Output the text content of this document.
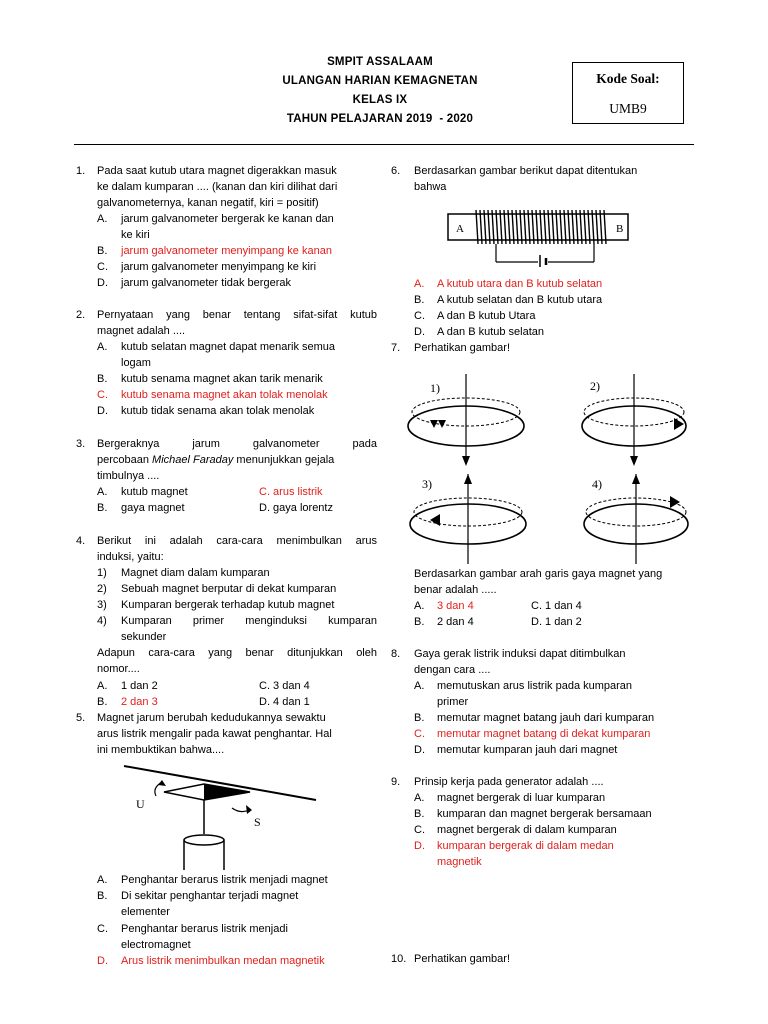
SMPIT ASSALAAM
ULANGAN HARIAN KEMAGNETAN
KELAS IX
TAHUN PELAJARAN 2019  - 2020
Kode Soal:
UMB9
1. Pada saat kutub utara magnet digerakkan masuk
ke dalam kumparan .... (kanan dan kiri dilihat dari
galvanometernya, kanan negatif, kiri = positif)
A. jarum galvanometer bergerak ke kanan dan
ke kiri
B. jarum galvanometer menyimpang ke kanan
C. jarum galvanometer menyimpang ke kiri
D. jarum galvanometer tidak bergerak
2. Pernyataan yang benar tentang sifat-sifat kutub
magnet adalah ....
A. kutub selatan magnet dapat menarik semua
logam
B. kutub senama magnet akan tarik menarik
C. kutub senama magnet akan tolak menolak
D. kutub tidak senama akan tolak menolak
3. Bergeraknya jarum galvanometer pada
percobaan Michael Faraday menunjukkan gejala
timbulnya ....
A. kutub magnet	C. arus listrik
B. gaya magnet	D. gaya lorentz
4. Berikut ini adalah cara-cara menimbulkan arus
induksi, yaitu:
1) Magnet diam dalam kumparan
2) Sebuah magnet berputar di dekat kumparan
3) Kumparan bergerak terhadap kutub magnet
4) Kumparan primer menginduksi kumparan
sekunder
Adapun cara-cara yang benar ditunjukkan oleh
nomor....
A. 1 dan 2	C. 3 dan 4
B. 2 dan 3	D. 4 dan 1
5. Magnet jarum berubah kedudukannya sewaktu
arus listrik mengalir pada kawat penghantar. Hal
ini membuktikan bahwa....
U
S
A. Penghantar berarus listrik menjadi magnet
B. Di sekitar penghantar terjadi magnet
elementer
C. Penghantar berarus listrik menjadi
electromagnet
D. Arus listrik menimbulkan medan magnetik
6. Berdasarkan gambar berikut dapat ditentukan
bahwa
A	B
A. A kutub utara dan B kutub selatan
B. A kutub selatan dan B kutub utara
C. A dan B kutub Utara
D. A dan B kutub selatan
7. Perhatikan gambar!
1)	2)
3)	4)
Berdasarkan gambar arah garis gaya magnet yang
benar adalah .....
A. 3 dan 4	C. 1 dan 4
B. 2 dan 4	D. 1 dan 2
8. Gaya gerak listrik induksi dapat ditimbulkan
dengan cara ....
A. memutuskan arus listrik pada kumparan
primer
B. memutar magnet batang jauh dari kumparan
C. memutar magnet batang di dekat kumparan
D. memutar kumparan jauh dari magnet
9. Prinsip kerja pada generator adalah ....
A. magnet bergerak di luar kumparan
B. kumparan dan magnet bergerak bersamaan
C. magnet bergerak di dalam kumparan
D. kumparan bergerak di dalam medan
magnetik
10. Perhatikan gambar!
